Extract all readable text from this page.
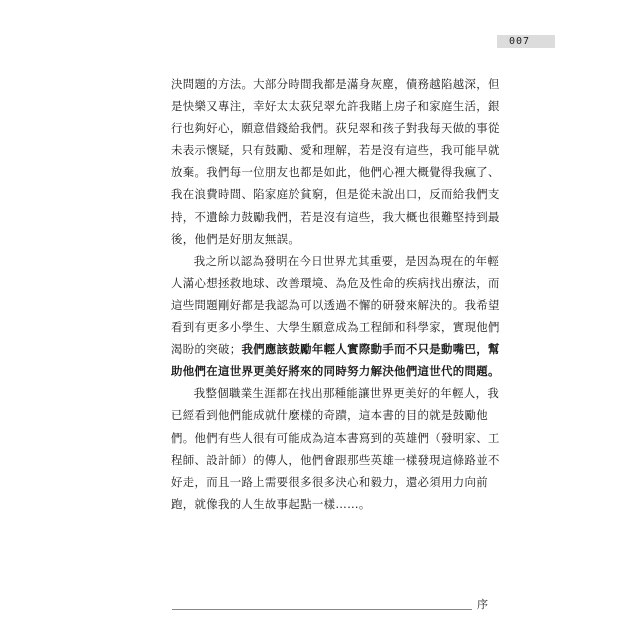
007

決問題的方法。大部分時間我都是滿身灰塵，債務越陷越深，但是快樂又專注，幸好太太荻兒翠允許我賭上房子和家庭生活，銀行也夠好心，願意借錢給我們。荻兒翠和孩子對我每天做的事從未表示懷疑，只有鼓勵、愛和理解，若是沒有這些，我可能早就放棄。我們每一位朋友也都是如此，他們心裡大概覺得我瘋了、我在浪費時間、陷家庭於貧窮，但是從未說出口，反而給我們支持，不遺餘力鼓勵我們，若是沒有這些，我大概也很難堅持到最後，他們是好朋友無誤。

我之所以認為發明在今日世界尤其重要，是因為現在的年輕人滿心想拯救地球、改善環境、為危及性命的疾病找出療法，而這些問題剛好都是我認為可以透過不懈的研發來解決的。我希望看到有更多小學生、大學生願意成為工程師和科學家，實現他們渴盼的突破；我們應該鼓勵年輕人實際動手而不只是動嘴巴，幫助他們在這世界更美好將來的同時努力解決他們這世代的問題。

我整個職業生涯都在找出那種能讓世界更美好的年輕人，我已經看到他們能成就什麼樣的奇蹟，這本書的目的就是鼓勵他們。他們有些人很有可能成為這本書寫到的英雄們（發明家、工程師、設計師）的傳人，他們會跟那些英雄一樣發現這條路並不好走，而且一路上需要很多很多決心和毅力，還必須用力向前跑，就像我的人生故事起點一樣……。

序
